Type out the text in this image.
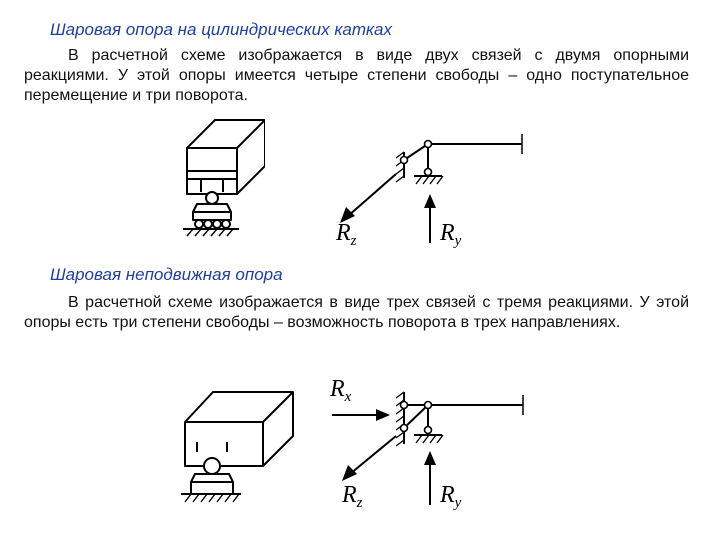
Шаровая опора на цилиндрических катках
В расчетной схеме изображается в виде двух связей с двумя опорными реакциями. У этой опоры имеется четыре степени свободы – одно поступательное перемещение и три поворота.
$R_z$	$R_y$
Шаровая неподвижная опора
В расчетной схеме изображается в виде трех связей с тремя реакциями. У этой опоры есть три степени свободы – возможность поворота в трех направлениях.
$R_x$
$R_z$	$R_y$
